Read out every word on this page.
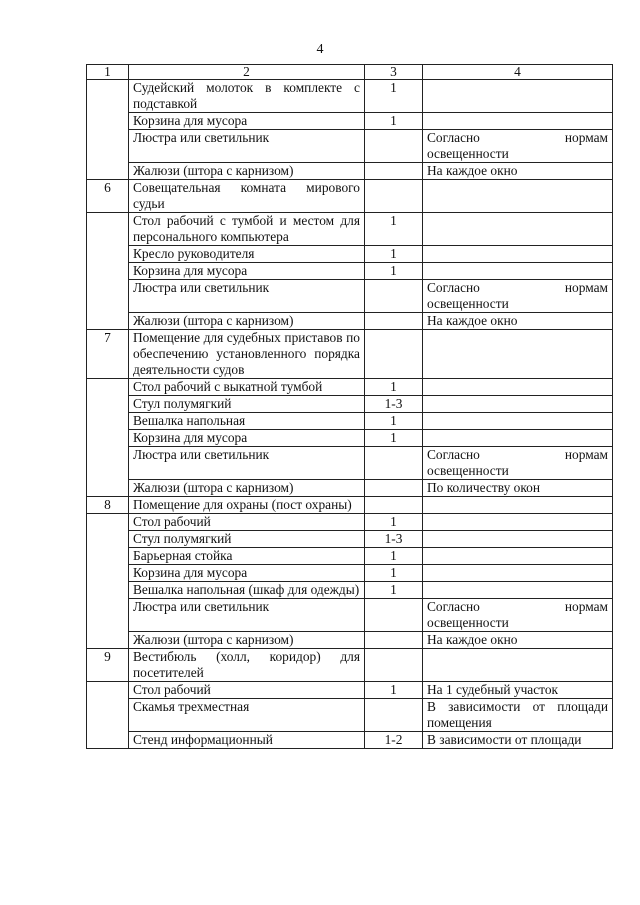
4
1	2	3	4
	Судейский молоток в комплекте с подставкой	1	
	Корзина для мусора	1	
	Люстра или светильник		Согласно нормам освещенности
	Жалюзи (штора с карнизом)		На каждое окно
6	Совещательная комната мирового судьи		
	Стол рабочий с тумбой и местом для персонального компьютера	1	
	Кресло руководителя	1	
	Корзина для мусора	1	
	Люстра или светильник		Согласно нормам освещенности
	Жалюзи (штора с карнизом)		На каждое окно
7	Помещение для судебных приставов по обеспечению установленного порядка деятельности судов		
	Стол рабочий с выкатной тумбой	1	
	Стул полумягкий	1-3	
	Вешалка напольная	1	
	Корзина для мусора	1	
	Люстра или светильник		Согласно нормам освещенности
	Жалюзи (штора с карнизом)		По количеству окон
8	Помещение для охраны (пост охраны)		
	Стол рабочий	1	
	Стул полумягкий	1-3	
	Барьерная стойка	1	
	Корзина для мусора	1	
	Вешалка напольная (шкаф для одежды)	1	
	Люстра или светильник		Согласно нормам освещенности
	Жалюзи (штора с карнизом)		На каждое окно
9	Вестибюль (холл, коридор) для посетителей		
	Стол рабочий	1	На 1 судебный участок
	Скамья трехместная		В зависимости от площади помещения
	Стенд информационный	1-2	В зависимости от площади
